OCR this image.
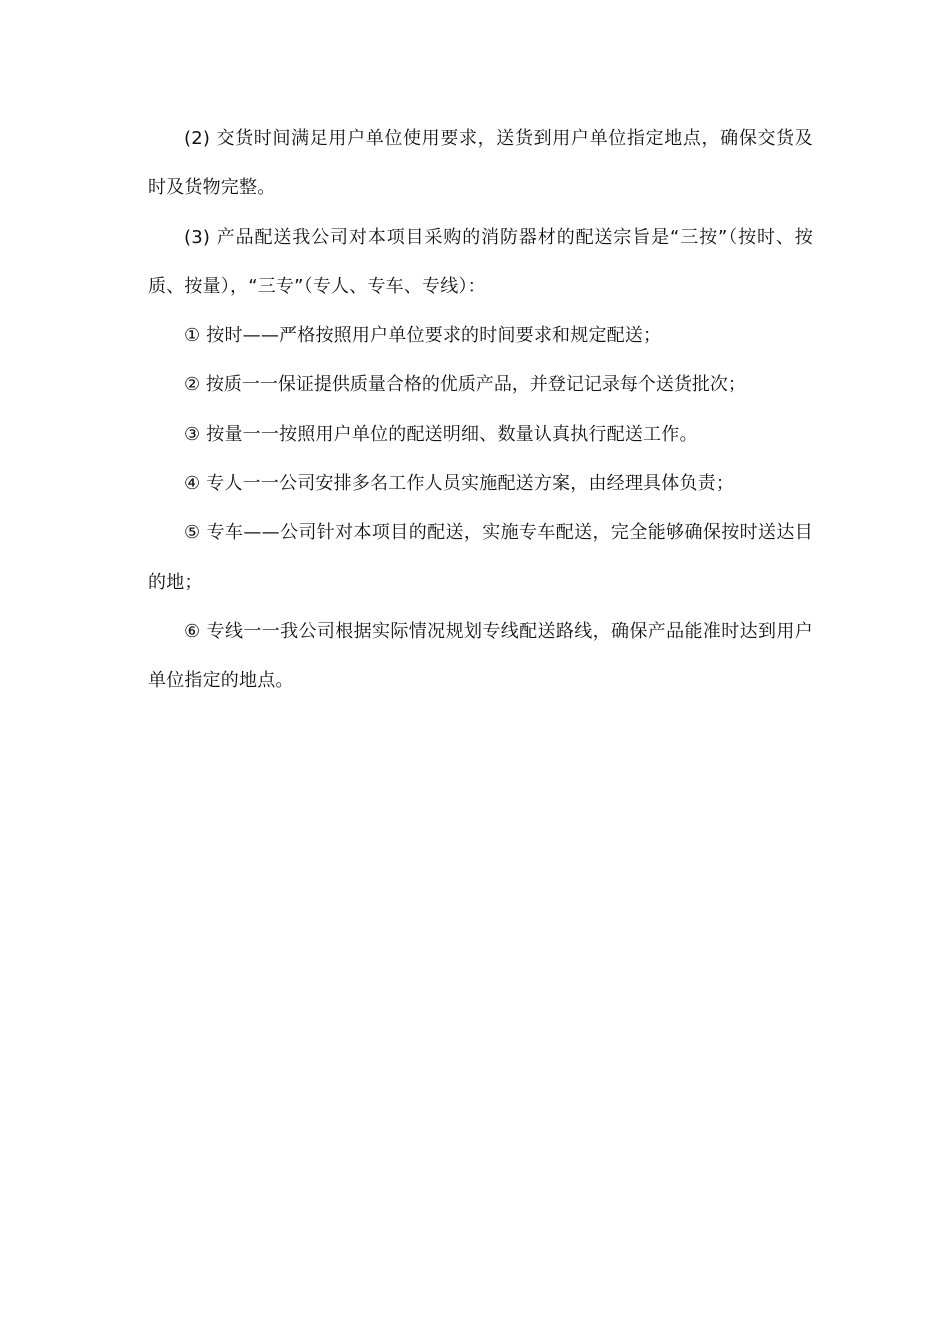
(2) 交货时间满足用户单位使用要求，送货到用户单位指定地点，确保交货及时及货物完整。

(3) 产品配送我公司对本项目采购的消防器材的配送宗旨是“三按”（按时、按质、按量），“三专”（专人、专车、专线）：

① 按时——严格按照用户单位要求的时间要求和规定配送；

② 按质一一保证提供质量合格的优质产品，并登记记录每个送货批次；

③ 按量一一按照用户单位的配送明细、数量认真执行配送工作。

④ 专人一一公司安排多名工作人员实施配送方案，由经理具体负责；

⑤ 专车——公司针对本项目的配送，实施专车配送，完全能够确保按时送达目的地；

⑥ 专线一一我公司根据实际情况规划专线配送路线，确保产品能准时达到用户单位指定的地点。
